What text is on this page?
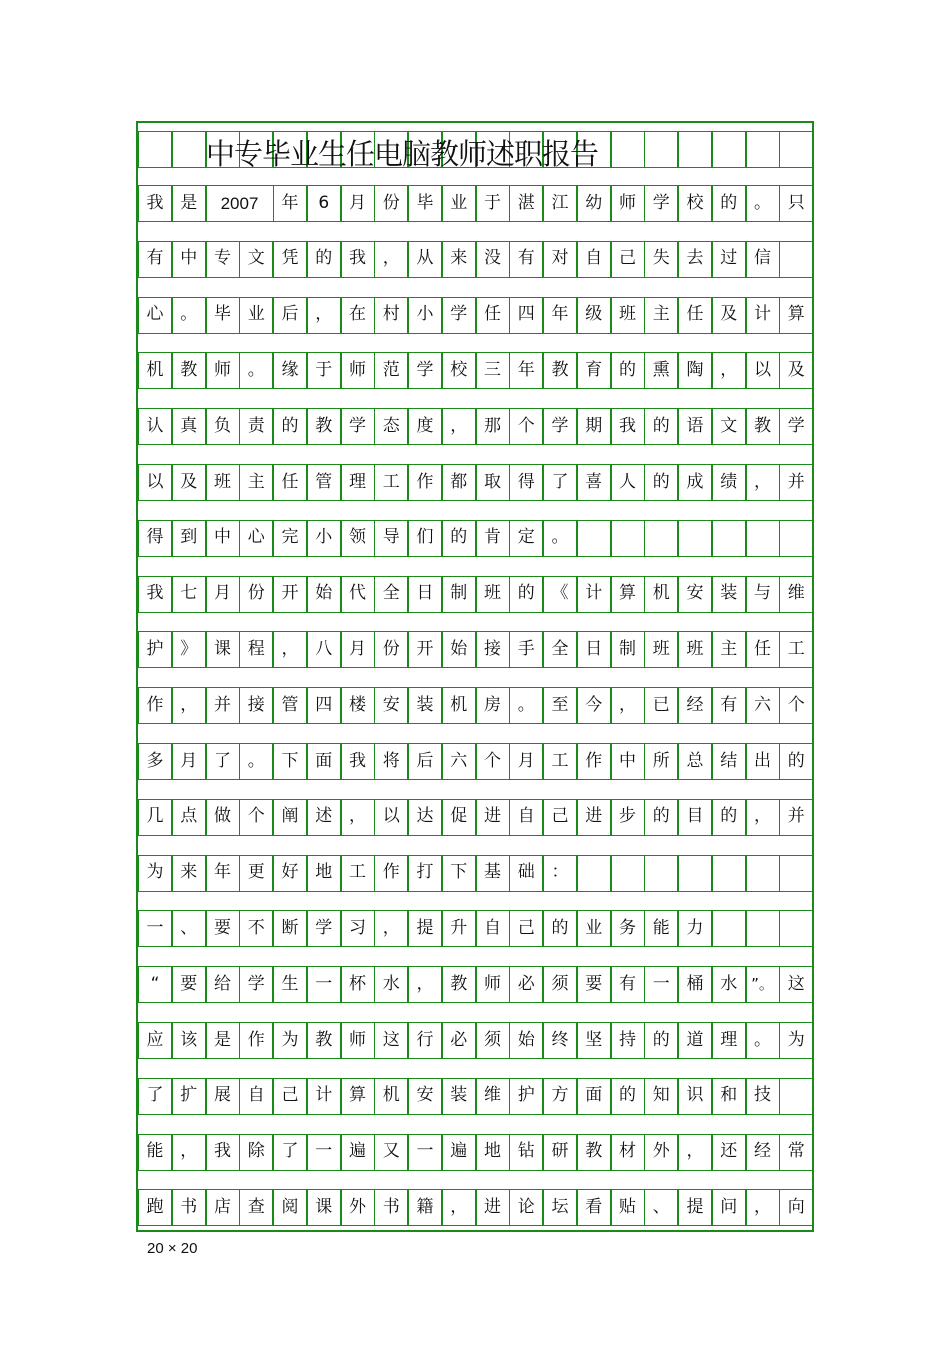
中专毕业生任电脑教师述职报告
我 是	2007	年	6	月 份 毕 业 于 湛 江 幼 师 学 校 的 。 只
有 中 专 文 凭 的 我 ， 从 来 没 有 对 自 己 失 去 过 信
心 。 毕 业 后 ， 在 村 小 学 任 四 年 级 班 主 任 及 计 算
机 教 师 。 缘 于 师 范 学 校 三 年 教 育 的 熏 陶 ， 以 及
认 真 负 责 的 教 学 态 度 ， 那 个 学 期 我 的 语 文 教 学
以 及 班 主 任 管 理 工 作 都 取 得 了 喜 人 的 成 绩 ， 并
得 到 中 心 完 小 领 导 们 的 肯 定 。
我 七 月 份 开 始 代 全 日 制 班 的 《 计 算 机 安 装 与 维
护 》 课 程 ， 八 月 份 开 始 接 手 全 日 制 班 班 主 任 工
作 ， 并 接 管 四 楼 安 装 机 房 。 至 今 ， 已 经 有 六 个
多 月 了 。 下 面 我 将 后 六 个 月 工 作 中 所 总 结 出 的
几 点 做 个 阐 述 ， 以 达 促 进 自 己 进 步 的 目 的 ， 并
为 来 年 更 好 地 工 作 打 下 基 础 ：
一 、 要 不 断 学 习 ， 提 升 自 己 的 业 务 能 力
“	要 给 学 生 一 杯 水 ， 教 师 必 须 要 有 一 桶 水 ”。 这
应 该 是 作 为 教 师 这 行 必 须 始 终 坚 持 的 道 理 。 为
了 扩 展 自 己 计 算 机 安 装 维 护 方 面 的 知 识 和 技
能 ， 我 除 了 一 遍 又 一 遍 地 钻 研 教 材 外 ， 还 经 常
跑 书 店 查 阅 课 外 书 籍 ， 进 论 坛 看 贴 、 提 问 ， 向
20 × 20
